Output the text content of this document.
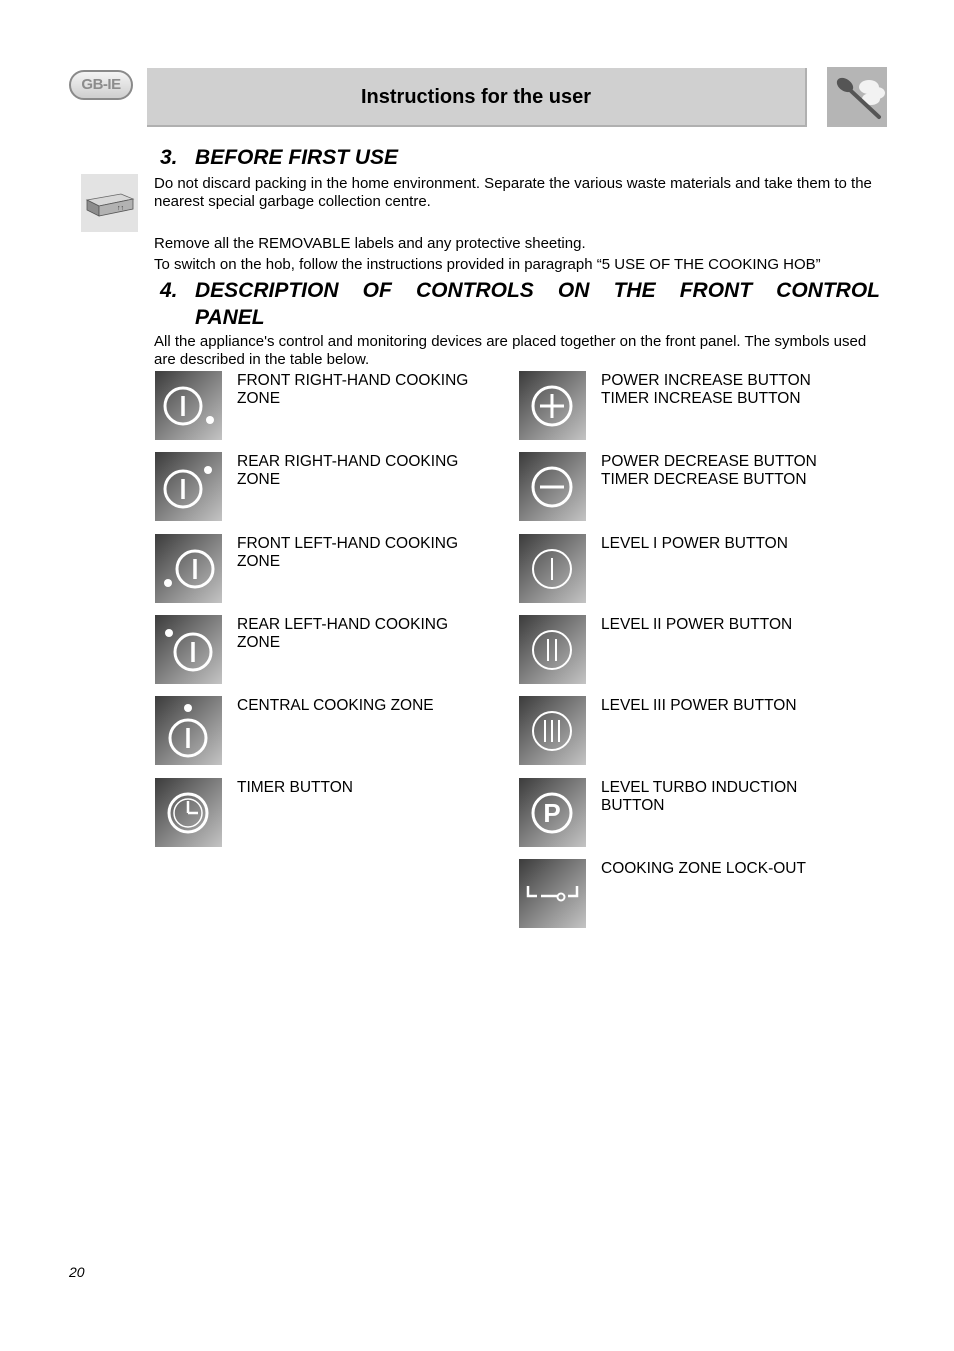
GB-IE
Instructions for the user
3. BEFORE FIRST USE
↑↑
Do not discard packing in the home environment. Separate the various waste materials and take them to the nearest special garbage collection centre.
Remove all the REMOVABLE labels and any protective sheeting.
To switch on the hob, follow the instructions provided in paragraph “5 USE OF THE COOKING HOB”
4. DESCRIPTION OF CONTROLS ON THE FRONT CONTROL
PANEL
All the appliance's control and monitoring devices are placed together on the front panel. The symbols used are described in the table below.
FRONT RIGHT-HAND COOKING ZONE
REAR RIGHT-HAND COOKING ZONE
FRONT LEFT-HAND COOKING ZONE
REAR LEFT-HAND COOKING ZONE
CENTRAL COOKING ZONE
TIMER BUTTON
POWER INCREASE BUTTON TIMER INCREASE BUTTON
POWER DECREASE BUTTON TIMER DECREASE BUTTON
LEVEL I POWER BUTTON
LEVEL II POWER BUTTON
LEVEL III POWER BUTTON
P
LEVEL TURBO INDUCTION BUTTON
COOKING ZONE LOCK-OUT
20
